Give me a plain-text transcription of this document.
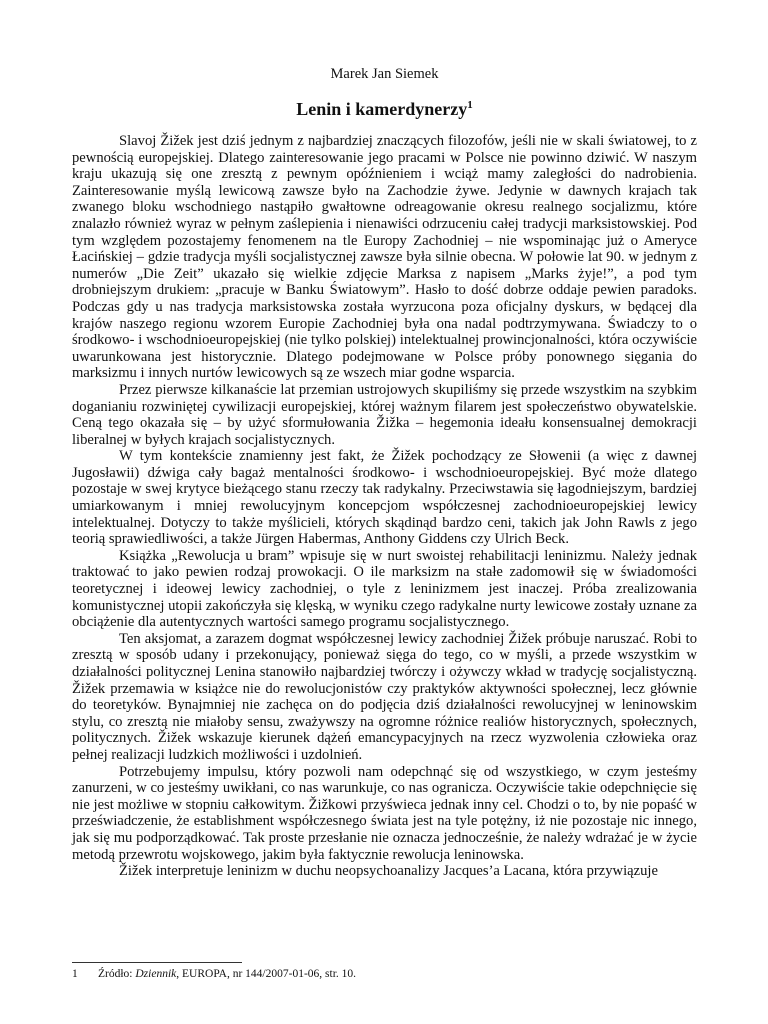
Marek Jan Siemek
Lenin i kamerdynerzy$^1$

Slavoj Žižek jest dziś jednym z najbardziej znaczących filozofów, jeśli nie w skali światowej, to z pewnością europejskiej. Dlatego zainteresowanie jego pracami w Polsce nie powinno dziwić. W naszym kraju ukazują się one zresztą z pewnym opóźnieniem i wciąż mamy zaległości do nadrobienia. Zainteresowanie myślą lewicową zawsze było na Zachodzie żywe. Jedynie w dawnych krajach tak zwanego bloku wschodniego nastąpiło gwałtowne odreagowanie okresu realnego socjalizmu, które znalazło również wyraz w pełnym zaślepienia i nienawiści odrzuceniu całej tradycji marksistowskiej. Pod tym względem pozostajemy fenomenem na tle Europy Zachodniej – nie wspominając już o Ameryce Łacińskiej – gdzie tradycja myśli socjalistycznej zawsze była silnie obecna. W połowie lat 90. w jednym z numerów „Die Zeit” ukazało się wielkie zdjęcie Marksa z napisem „Marks żyje!”, a pod tym drobniejszym drukiem: „pracuje w Banku Światowym”. Hasło to dość dobrze oddaje pewien paradoks. Podczas gdy u nas tradycja marksistowska została wyrzucona poza oficjalny dyskurs, w będącej dla krajów naszego regionu wzorem Europie Zachodniej była ona nadal podtrzymywana. Świadczy to o środkowo- i wschodnioeuropejskiej (nie tylko polskiej) intelektualnej prowincjonalności, która oczywiście uwarunkowana jest historycznie. Dlatego podejmowane w Polsce próby ponownego sięgania do marksizmu i innych nurtów lewicowych są ze wszech miar godne wsparcia.

Przez pierwsze kilkanaście lat przemian ustrojowych skupiliśmy się przede wszystkim na szybkim doganianiu rozwiniętej cywilizacji europejskiej, której ważnym filarem jest społeczeństwo obywatelskie. Ceną tego okazała się – by użyć sformułowania Žižka – hegemonia ideału konsensualnej demokracji liberalnej w byłych krajach socjalistycznych.

W tym kontekście znamienny jest fakt, że Žižek pochodzący ze Słowenii (a więc z dawnej Jugosławii) dźwiga cały bagaż mentalności środkowo- i wschodnioeuropejskiej. Być może dlatego pozostaje w swej krytyce bieżącego stanu rzeczy tak radykalny. Przeciwstawia się łagodniejszym, bardziej umiarkowanym i mniej rewolucyjnym koncepcjom współczesnej zachodnioeuropejskiej lewicy intelektualnej. Dotyczy to także myślicieli, których skądinąd bardzo ceni, takich jak John Rawls z jego teorią sprawiedliwości, a także Jürgen Habermas, Anthony Giddens czy Ulrich Beck.

Książka „Rewolucja u bram” wpisuje się w nurt swoistej rehabilitacji leninizmu. Należy jednak traktować to jako pewien rodzaj prowokacji. O ile marksizm na stałe zadomowił się w świadomości teoretycznej i ideowej lewicy zachodniej, o tyle z leninizmem jest inaczej. Próba zrealizowania komunistycznej utopii zakończyła się klęską, w wyniku czego radykalne nurty lewicowe zostały uznane za obciążenie dla autentycznych wartości samego programu socjalistycznego.

Ten aksjomat, a zarazem dogmat współczesnej lewicy zachodniej Žižek próbuje naruszać. Robi to zresztą w sposób udany i przekonujący, ponieważ sięga do tego, co w myśli, a przede wszystkim w działalności politycznej Lenina stanowiło najbardziej twórczy i ożywczy wkład w tradycję socjalistyczną. Žižek przemawia w książce nie do rewolucjonistów czy praktyków aktywności społecznej, lecz głównie do teoretyków. Bynajmniej nie zachęca on do podjęcia dziś działalności rewolucyjnej w leninowskim stylu, co zresztą nie miałoby sensu, zważywszy na ogromne różnice realiów historycznych, społecznych, politycznych. Žižek wskazuje kierunek dążeń emancypacyjnych na rzecz wyzwolenia człowieka oraz pełnej realizacji ludzkich możliwości i uzdolnień.

Potrzebujemy impulsu, który pozwoli nam odepchnąć się od wszystkiego, w czym jesteśmy zanurzeni, w co jesteśmy uwikłani, co nas warunkuje, co nas ogranicza. Oczywiście takie odepchnięcie się nie jest możliwe w stopniu całkowitym. Žižkowi przyświeca jednak inny cel. Chodzi o to, by nie popaść w przeświadczenie, że establishment współczesnego świata jest na tyle potężny, iż nie pozostaje nic innego, jak się mu podporządkować. Tak proste przesłanie nie oznacza jednocześnie, że należy wdrażać je w życie metodą przewrotu wojskowego, jakim była faktycznie rewolucja leninowska.

Žižek interpretuje leninizm w duchu neopsychoanalizy Jacques’a Lacana, która przywiązuje

1 Źródło: Dziennik, EUROPA, nr 144/2007-01-06, str. 10.
